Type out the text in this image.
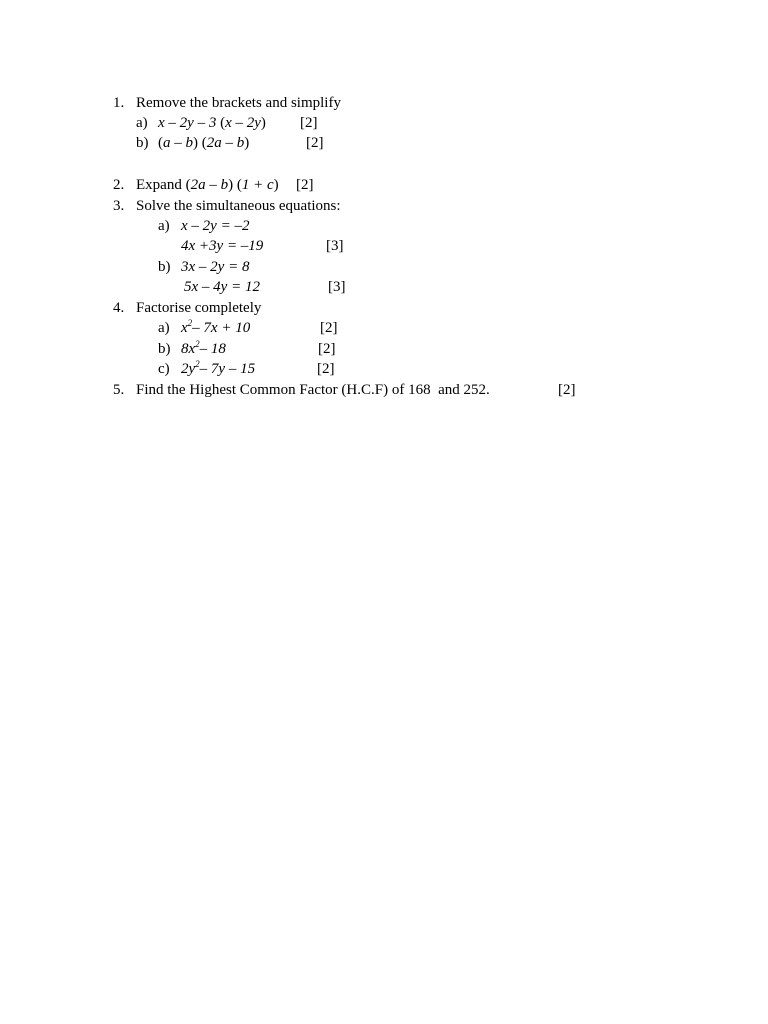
1. Remove the brackets and simplify
a) x – 2y – 3 (x – 2y) [2]
b) (a – b) (2a – b)	[2]
2. Expand (2a – b) (1 + c) [2]
3. Solve the simultaneous equations:
a) x – 2y = –2
4x +3y = –19	[3]
b) 3x – 2y = 8
5x – 4y = 12	[3]
4. Factorise completely
a) $x^2-$ 7x + 10	[2]
b) $8x^2-$ 18	[2]
c) $2y^2-$ 7y – 15	[2]
5. Find the Highest Common Factor (H.C.F) of 168  and 252.	[2]
